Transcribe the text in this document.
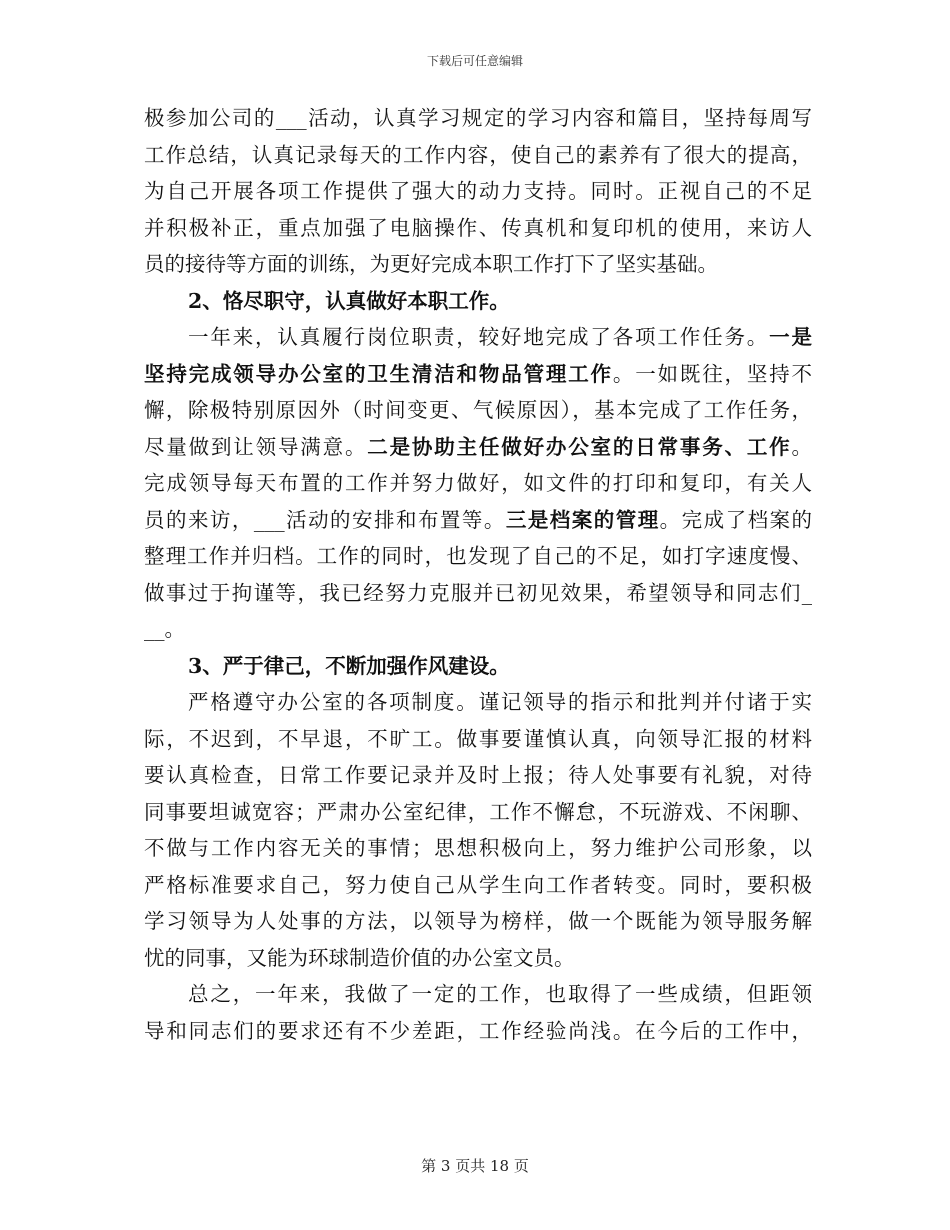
下载后可任意编辑
极参加公司的___活动，认真学习规定的学习内容和篇目，坚持每周写
工作总结，认真记录每天的工作内容，使自己的素养有了很大的提高，
为自己开展各项工作提供了强大的动力支持。同时。正视自己的不足
并积极补正，重点加强了电脑操作、传真机和复印机的使用，来访人
员的接待等方面的训练，为更好完成本职工作打下了坚实基础。
2、恪尽职守，认真做好本职工作。
一年来，认真履行岗位职责，较好地完成了各项工作任务。一是
坚持完成领导办公室的卫生清洁和物品管理工作。一如既往，坚持不
懈，除极特别原因外（时间变更、气候原因），基本完成了工作任务，
尽量做到让领导满意。二是协助主任做好办公室的日常事务、工作。
完成领导每天布置的工作并努力做好，如文件的打印和复印，有关人
员的来访，___活动的安排和布置等。三是档案的管理。完成了档案的
整理工作并归档。工作的同时，也发现了自己的不足，如打字速度慢、
做事过于拘谨等，我已经努力克服并已初见效果，希望领导和同志们_
__。
3、严于律己，不断加强作风建设。
严格遵守办公室的各项制度。谨记领导的指示和批判并付诸于实
际，不迟到，不早退，不旷工。做事要谨慎认真，向领导汇报的材料
要认真检查，日常工作要记录并及时上报；待人处事要有礼貌，对待
同事要坦诚宽容；严肃办公室纪律，工作不懈怠，不玩游戏、不闲聊、
不做与工作内容无关的事情；思想积极向上，努力维护公司形象，以
严格标准要求自己，努力使自己从学生向工作者转变。同时，要积极
学习领导为人处事的方法，以领导为榜样，做一个既能为领导服务解
忧的同事，又能为环球制造价值的办公室文员。
总之，一年来，我做了一定的工作，也取得了一些成绩，但距领
导和同志们的要求还有不少差距，工作经验尚浅。在今后的工作中，
第 3 页共 18 页
